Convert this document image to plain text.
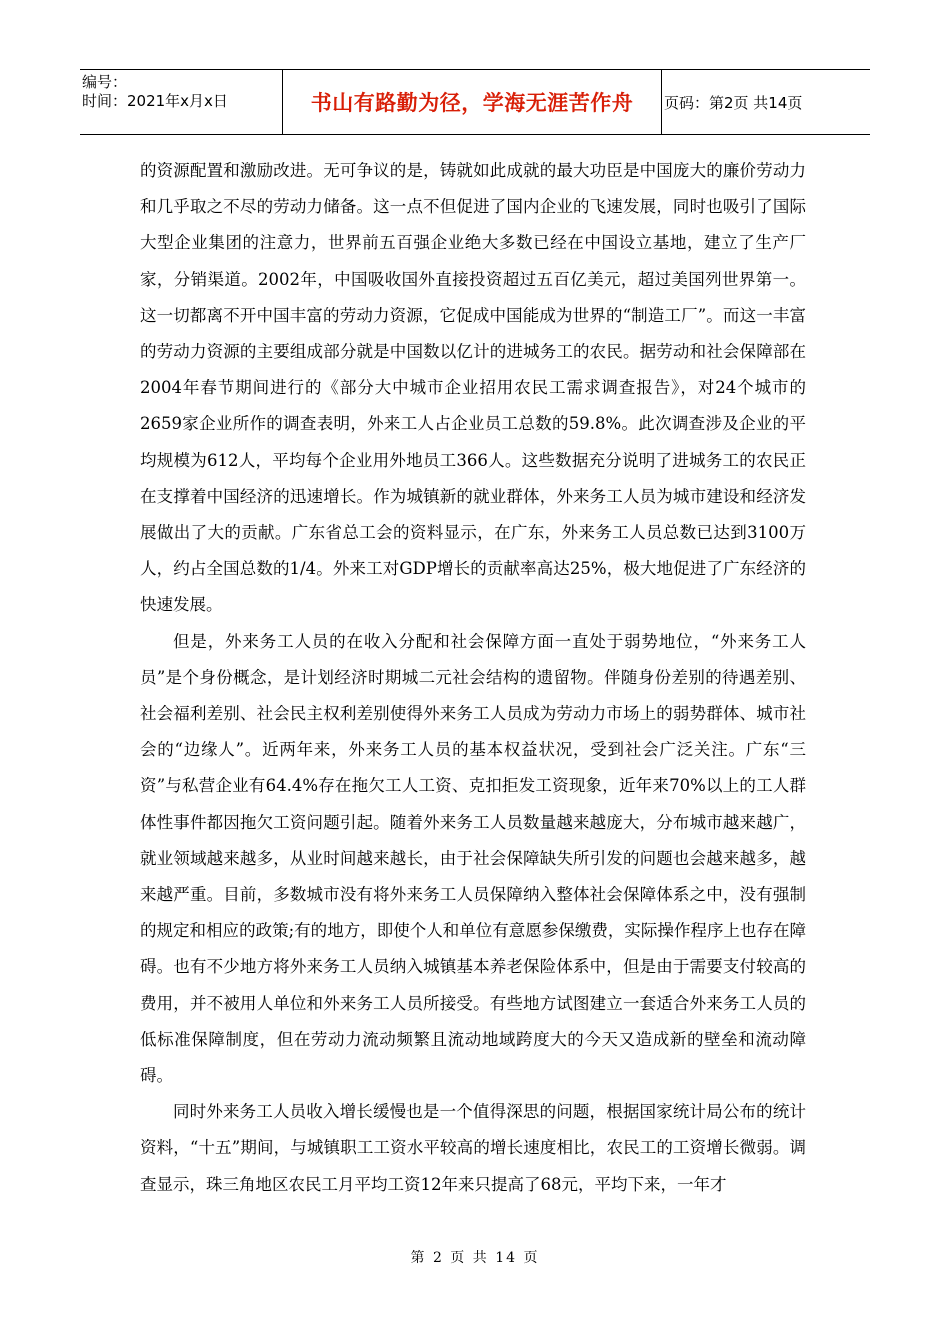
编号：
时间：2021年x月x日	书山有路勤为径，学海无涯苦作舟	页码：第2页 共14页

的资源配置和激励改进。无可争议的是，铸就如此成就的最大功臣是中国庞大的廉价劳动力和几乎取之不尽的劳动力储备。这一点不但促进了国内企业的飞速发展，同时也吸引了国际大型企业集团的注意力，世界前五百强企业绝大多数已经在中国设立基地，建立了生产厂家，分销渠道。2002年，中国吸收国外直接投资超过五百亿美元，超过美国列世界第一。这一切都离不开中国丰富的劳动力资源，它促成中国能成为世界的“制造工厂”。而这一丰富的劳动力资源的主要组成部分就是中国数以亿计的进城务工的农民。据劳动和社会保障部在2004年春节期间进行的《部分大中城市企业招用农民工需求调查报告》，对24个城市的2659家企业所作的调查表明，外来工人占企业员工总数的59.8%。此次调查涉及企业的平均规模为612人，平均每个企业用外地员工366人。这些数据充分说明了进城务工的农民正在支撑着中国经济的迅速增长。作为城镇新的就业群体，外来务工人员为城市建设和经济发展做出了大的贡献。广东省总工会的资料显示，在广东，外来务工人员总数已达到3100万人，约占全国总数的1/4。外来工对GDP增长的贡献率高达25%，极大地促进了广东经济的快速发展。

但是，外来务工人员的在收入分配和社会保障方面一直处于弱势地位，“外来务工人员”是个身份概念，是计划经济时期城二元社会结构的遗留物。伴随身份差别的待遇差别、社会福利差别、社会民主权利差别使得外来务工人员成为劳动力市场上的弱势群体、城市社会的“边缘人”。近两年来，外来务工人员的基本权益状况，受到社会广泛关注。广东“三资”与私营企业有64.4%存在拖欠工人工资、克扣拒发工资现象，近年来70%以上的工人群体性事件都因拖欠工资问题引起。随着外来务工人员数量越来越庞大，分布城市越来越广，就业领域越来越多，从业时间越来越长，由于社会保障缺失所引发的问题也会越来越多，越来越严重。目前，多数城市没有将外来务工人员保障纳入整体社会保障体系之中，没有强制的规定和相应的政策;有的地方，即使个人和单位有意愿参保缴费，实际操作程序上也存在障碍。也有不少地方将外来务工人员纳入城镇基本养老保险体系中，但是由于需要支付较高的费用，并不被用人单位和外来务工人员所接受。有些地方试图建立一套适合外来务工人员的低标准保障制度，但在劳动力流动频繁且流动地域跨度大的今天又造成新的壁垒和流动障碍。

同时外来务工人员收入增长缓慢也是一个值得深思的问题，根据国家统计局公布的统计资料，“十五”期间，与城镇职工工资水平较高的增长速度相比，农民工的工资增长微弱。调查显示，珠三角地区农民工月平均工资12年来只提高了68元，平均下来，一年才

第 2 页 共 14 页
